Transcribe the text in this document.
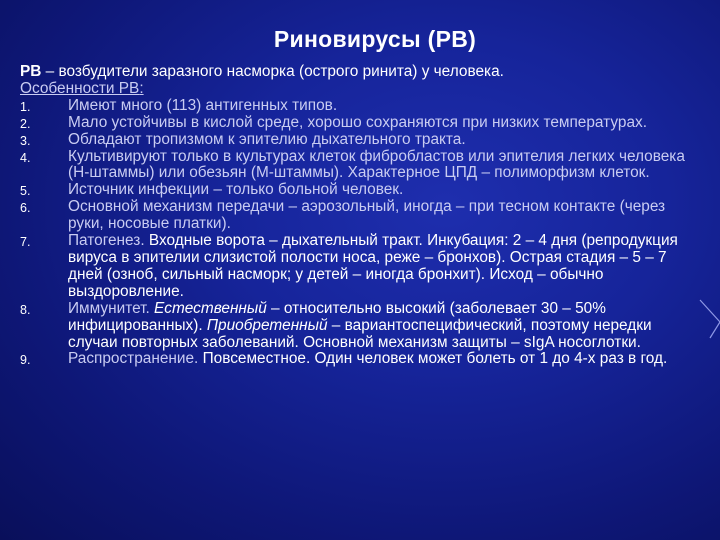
Риновирусы (РВ)
РВ – возбудители заразного насморка (острого ринита) у человека.
Особенности РВ:
1. Имеют много (113) антигенных типов.
2. Мало устойчивы в кислой среде, хорошо сохраняются при низких температурах.
3. Обладают тропизмом к эпителию дыхательного тракта.
4. Культивируют только в культурах клеток фибробластов или эпителия легких человека (Н-штаммы) или обезьян (М-штаммы). Характерное ЦПД – полиморфизм клеток.
5. Источник инфекции – только больной человек.
6. Основной механизм передачи – аэрозольный, иногда – при тесном контакте (через руки, носовые платки).
7. Патогенез. Входные ворота – дыхательный тракт. Инкубация: 2 – 4 дня (репродукция вируса в эпителии слизистой полости носа, реже – бронхов). Острая стадия – 5 – 7 дней (озноб, сильный насморк; у детей – иногда бронхит). Исход – обычно выздоровление.
8. Иммунитет. Естественный – относительно высокий (заболевает 30 – 50% инфицированных). Приобретенный – вариантоспецифический, поэтому нередки случаи повторных заболеваний. Основной механизм защиты – sIgA носоглотки.
9. Распространение. Повсеместное. Один человек может болеть от 1 до 4-х раз в год.
